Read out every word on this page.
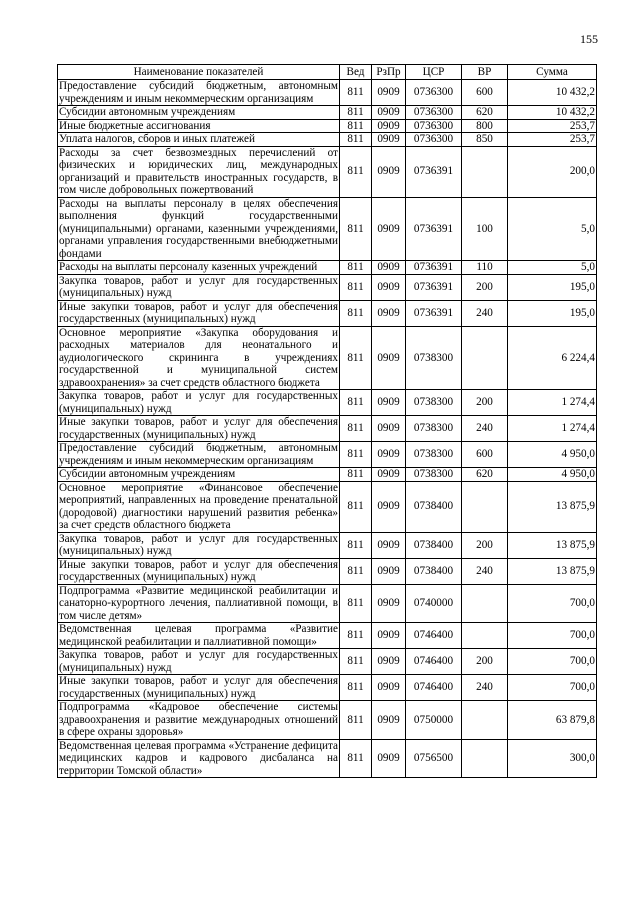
155
Наименование показателей	Вед	РзПр	ЦСР	ВР	Сумма
Предоставление субсидий бюджетным, автономным учреждениям и иным некоммерческим организациям	811	0909	0736300	600	10 432,2
Субсидии автономным учреждениям	811	0909	0736300	620	10 432,2
Иные бюджетные ассигнования	811	0909	0736300	800	253,7
Уплата налогов, сборов и иных платежей	811	0909	0736300	850	253,7
Расходы за счет безвозмездных перечислений от физических и юридических лиц, международных организаций и правительств иностранных государств, в том числе добровольных пожертвований	811	0909	0736391		200,0
Расходы на выплаты персоналу в целях обеспечения выполнения функций государственными (муниципальными) органами, казенными учреждениями, органами управления государственными внебюджетными фондами	811	0909	0736391	100	5,0
Расходы на выплаты персоналу казенных учреждений	811	0909	0736391	110	5,0
Закупка товаров, работ и услуг для государственных (муниципальных) нужд	811	0909	0736391	200	195,0
Иные закупки товаров, работ и услуг для обеспечения государственных (муниципальных) нужд	811	0909	0736391	240	195,0
Основное мероприятие «Закупка оборудования и расходных материалов для неонатального и аудиологического скрининга в учреждениях государственной и муниципальной систем здравоохранения» за счет средств областного бюджета	811	0909	0738300		6 224,4
Закупка товаров, работ и услуг для государственных (муниципальных) нужд	811	0909	0738300	200	1 274,4
Иные закупки товаров, работ и услуг для обеспечения государственных (муниципальных) нужд	811	0909	0738300	240	1 274,4
Предоставление субсидий бюджетным, автономным учреждениям и иным некоммерческим организациям	811	0909	0738300	600	4 950,0
Субсидии автономным учреждениям	811	0909	0738300	620	4 950,0
Основное мероприятие «Финансовое обеспечение мероприятий, направленных на проведение пренатальной (дородовой) диагностики нарушений развития ребенка» за счет средств областного бюджета	811	0909	0738400		13 875,9
Закупка товаров, работ и услуг для государственных (муниципальных) нужд	811	0909	0738400	200	13 875,9
Иные закупки товаров, работ и услуг для обеспечения государственных (муниципальных) нужд	811	0909	0738400	240	13 875,9
Подпрограмма «Развитие медицинской реабилитации и санаторно-курортного лечения, паллиативной помощи, в том числе детям»	811	0909	0740000		700,0
Ведомственная целевая программа «Развитие медицинской реабилитации и паллиативной помощи»	811	0909	0746400		700,0
Закупка товаров, работ и услуг для государственных (муниципальных) нужд	811	0909	0746400	200	700,0
Иные закупки товаров, работ и услуг для обеспечения государственных (муниципальных) нужд	811	0909	0746400	240	700,0
Подпрограмма «Кадровое обеспечение системы здравоохранения и развитие международных отношений в сфере охраны здоровья»	811	0909	0750000		63 879,8
Ведомственная целевая программа «Устранение дефицита медицинских кадров и кадрового дисбаланса на территории Томской области»	811	0909	0756500		300,0
